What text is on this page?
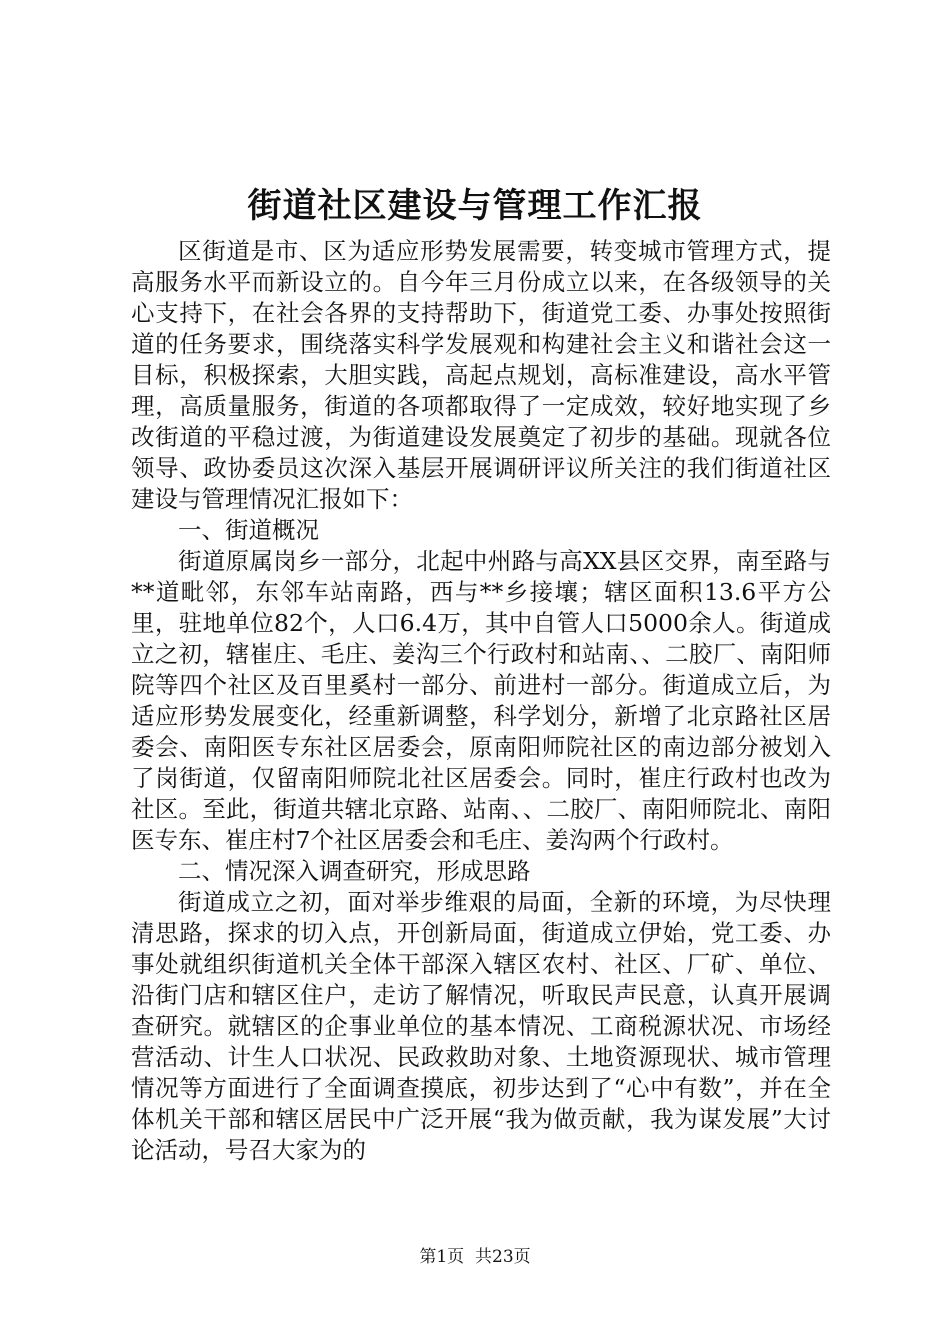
街道社区建设与管理工作汇报

区街道是市、区为适应形势发展需要，转变城市管理方式，提高服务水平而新设立的。自今年三月份成立以来，在各级领导的关心支持下，在社会各界的支持帮助下，街道党工委、办事处按照街道的任务要求，围绕落实科学发展观和构建社会主义和谐社会这一目标，积极探索，大胆实践，高起点规划，高标准建设，高水平管理，高质量服务，街道的各项都取得了一定成效，较好地实现了乡改街道的平稳过渡，为街道建设发展奠定了初步的基础。现就各位领导、政协委员这次深入基层开展调研评议所关注的我们街道社区建设与管理情况汇报如下：

一、街道概况

街道原属岗乡一部分，北起中州路与高XX县区交界，南至路与**道毗邻，东邻车站南路，西与**乡接壤；辖区面积13.6平方公里，驻地单位82个，人口6.4万，其中自管人口5000余人。街道成立之初，辖崔庄、毛庄、姜沟三个行政村和站南、、二胶厂、南阳师院等四个社区及百里奚村一部分、前进村一部分。街道成立后，为适应形势发展变化，经重新调整，科学划分，新增了北京路社区居委会、南阳医专东社区居委会，原南阳师院社区的南边部分被划入了岗街道，仅留南阳师院北社区居委会。同时，崔庄行政村也改为社区。至此，街道共辖北京路、站南、、二胶厂、南阳师院北、南阳医专东、崔庄村7个社区居委会和毛庄、姜沟两个行政村。

二、情况深入调查研究，形成思路

街道成立之初，面对举步维艰的局面，全新的环境，为尽快理清思路，探求的切入点，开创新局面，街道成立伊始，党工委、办事处就组织街道机关全体干部深入辖区农村、社区、厂矿、单位、沿街门店和辖区住户，走访了解情况，听取民声民意，认真开展调查研究。就辖区的企事业单位的基本情况、工商税源状况、市场经营活动、计生人口状况、民政救助对象、土地资源现状、城市管理情况等方面进行了全面调查摸底，初步达到了“心中有数”，并在全体机关干部和辖区居民中广泛开展“我为做贡献，我为谋发展”大讨论活动，号召大家为的

第1页 共23页
